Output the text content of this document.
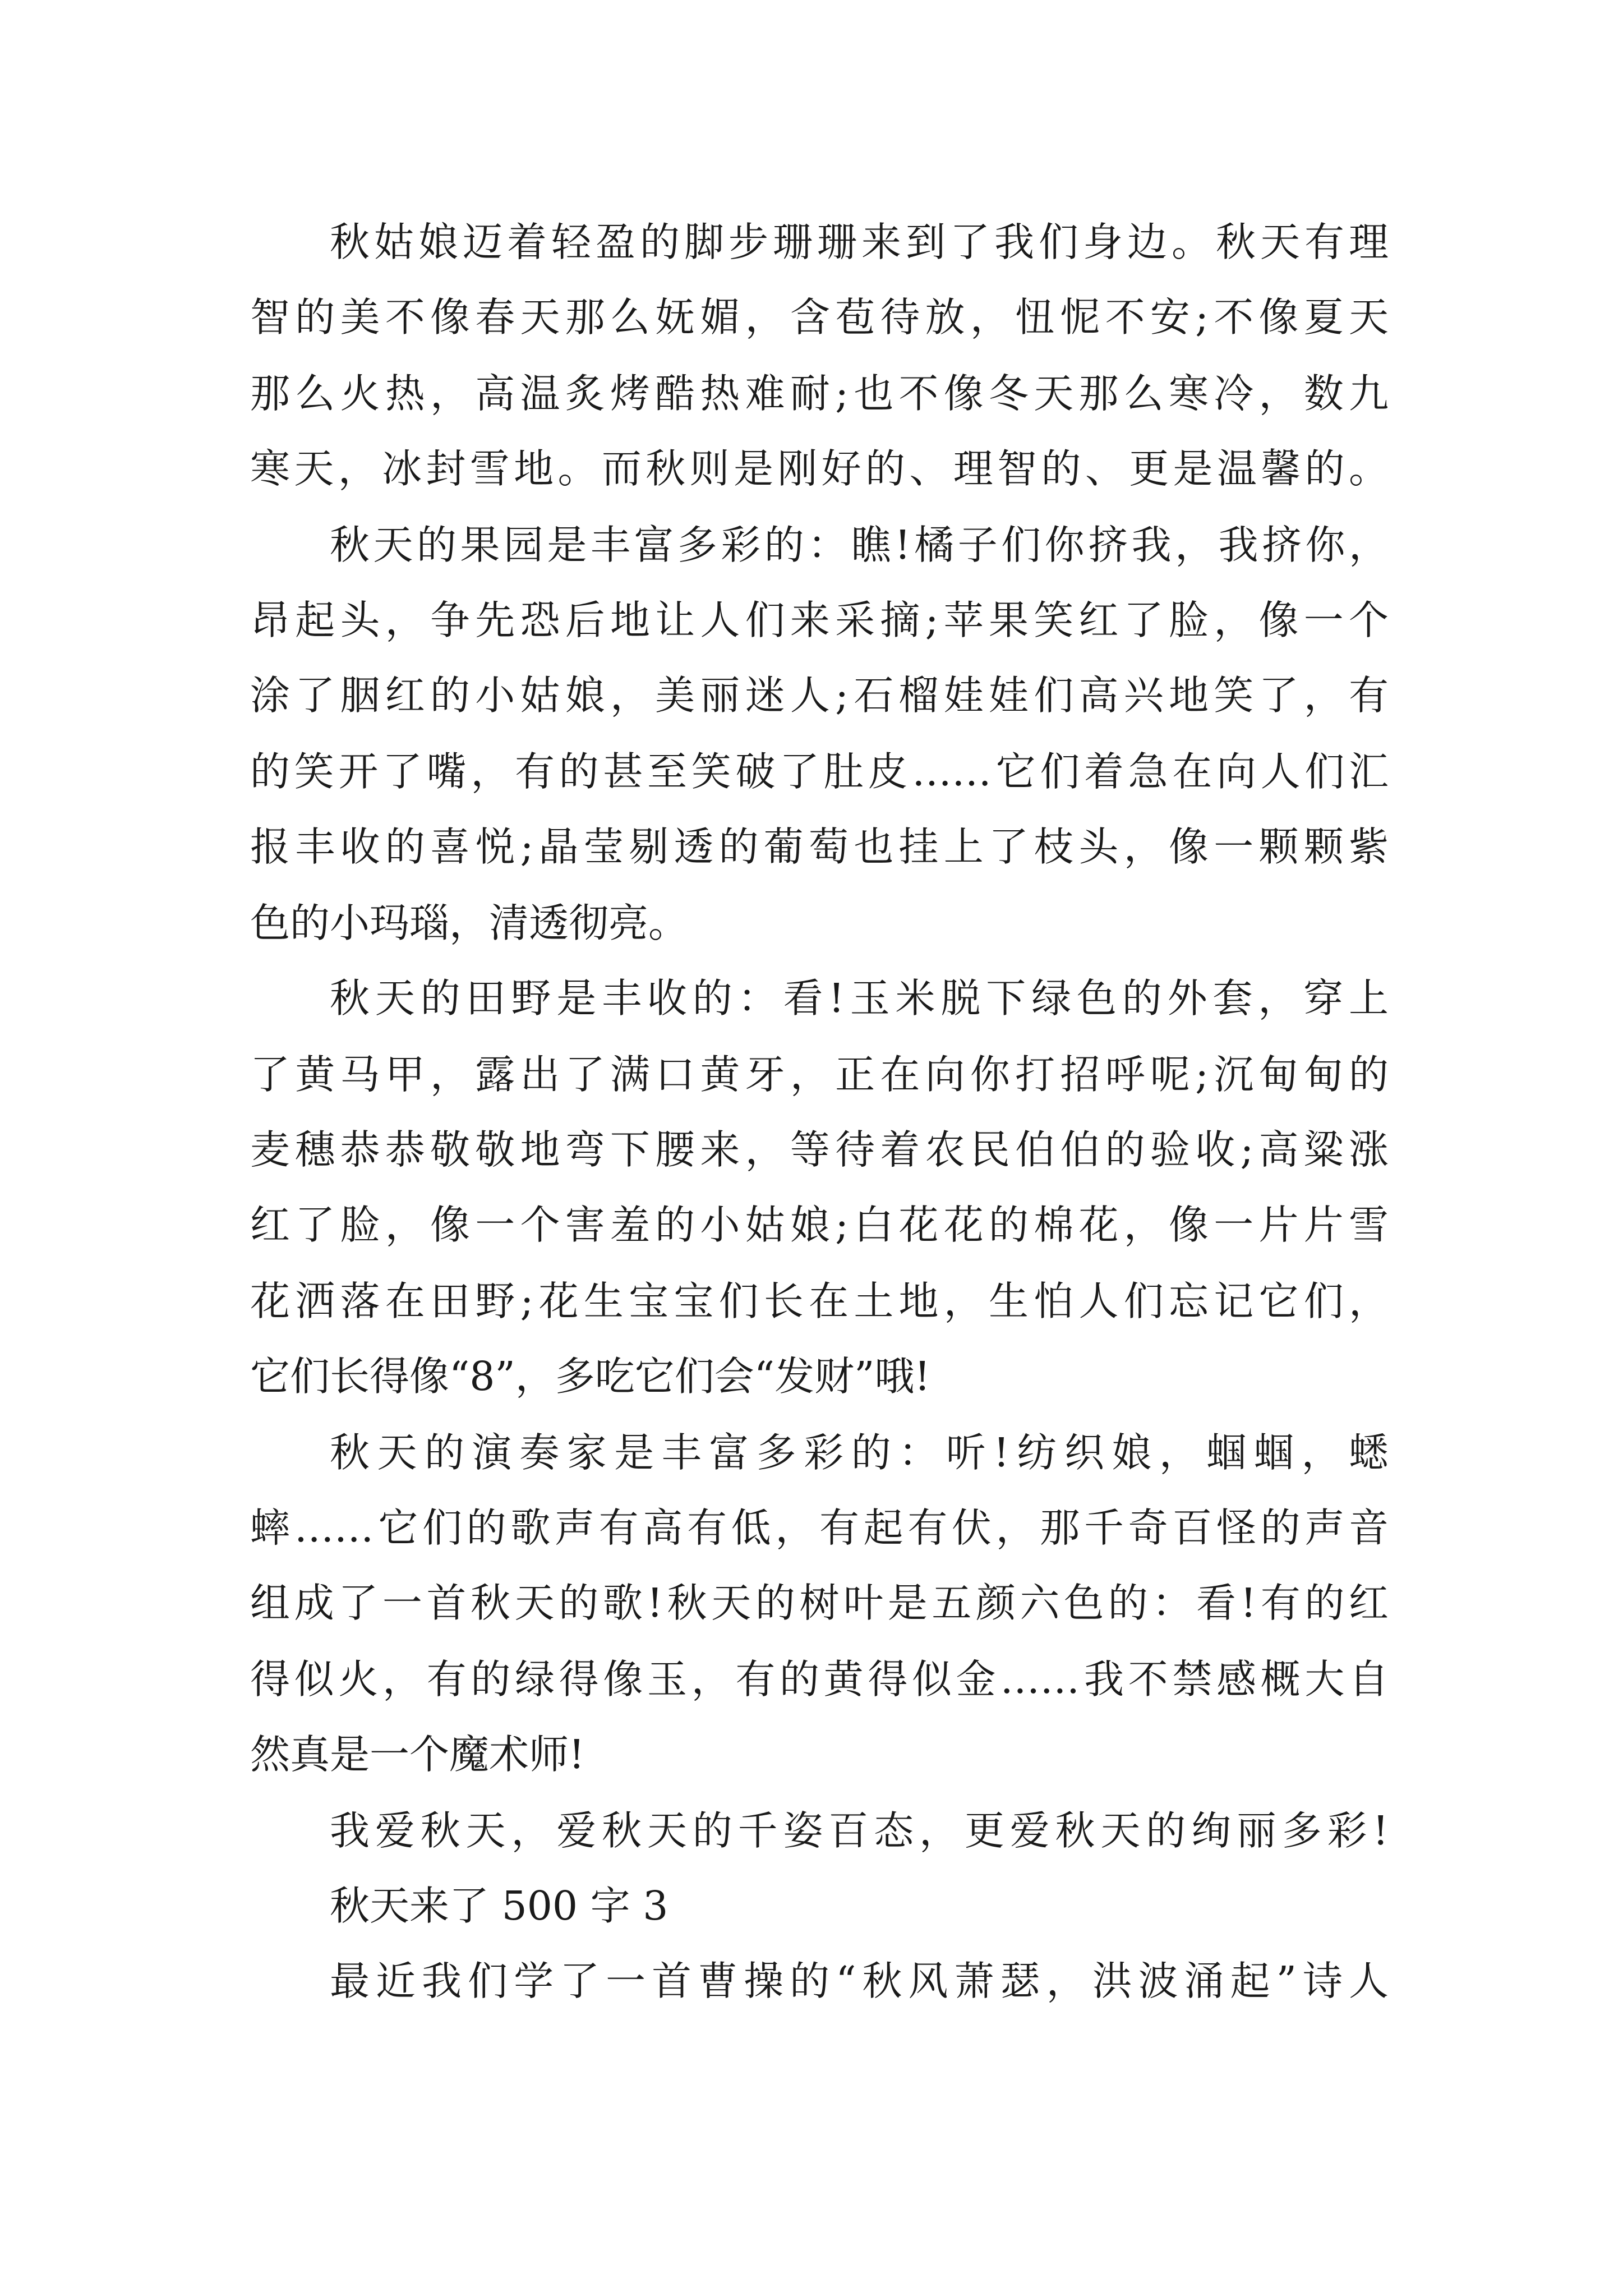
秋姑娘迈着轻盈的脚步珊珊来到了我们身边。秋天有理
智的美不像春天那么妩媚，含苞待放，忸怩不安;不像夏天
那么火热，高温炙烤酷热难耐;也不像冬天那么寒冷，数九
寒天，冰封雪地。而秋则是刚好的、理智的、更是温馨的。
秋天的果园是丰富多彩的：瞧!橘子们你挤我，我挤你，
昂起头，争先恐后地让人们来采摘;苹果笑红了脸，像一个
涂了胭红的小姑娘，美丽迷人;石榴娃娃们高兴地笑了，有
的笑开了嘴，有的甚至笑破了肚皮……它们着急在向人们汇
报丰收的喜悦;晶莹剔透的葡萄也挂上了枝头，像一颗颗紫
色的小玛瑙，清透彻亮。
秋天的田野是丰收的：看!玉米脱下绿色的外套，穿上
了黄马甲，露出了满口黄牙，正在向你打招呼呢;沉甸甸的
麦穗恭恭敬敬地弯下腰来，等待着农民伯伯的验收;高粱涨
红了脸，像一个害羞的小姑娘;白花花的棉花，像一片片雪
花洒落在田野;花生宝宝们长在土地，生怕人们忘记它们，
它们长得像“8”，多吃它们会“发财”哦!
秋天的演奏家是丰富多彩的：听!纺织娘，蝈蝈，蟋
蟀……它们的歌声有高有低，有起有伏，那千奇百怪的声音
组成了一首秋天的歌!秋天的树叶是五颜六色的：看!有的红
得似火，有的绿得像玉，有的黄得似金……我不禁感概大自
然真是一个魔术师!
我爱秋天，爱秋天的千姿百态，更爱秋天的绚丽多彩!
秋天来了 500 字 3
最近我们学了一首曹操的“秋风萧瑟，洪波涌起”诗人
